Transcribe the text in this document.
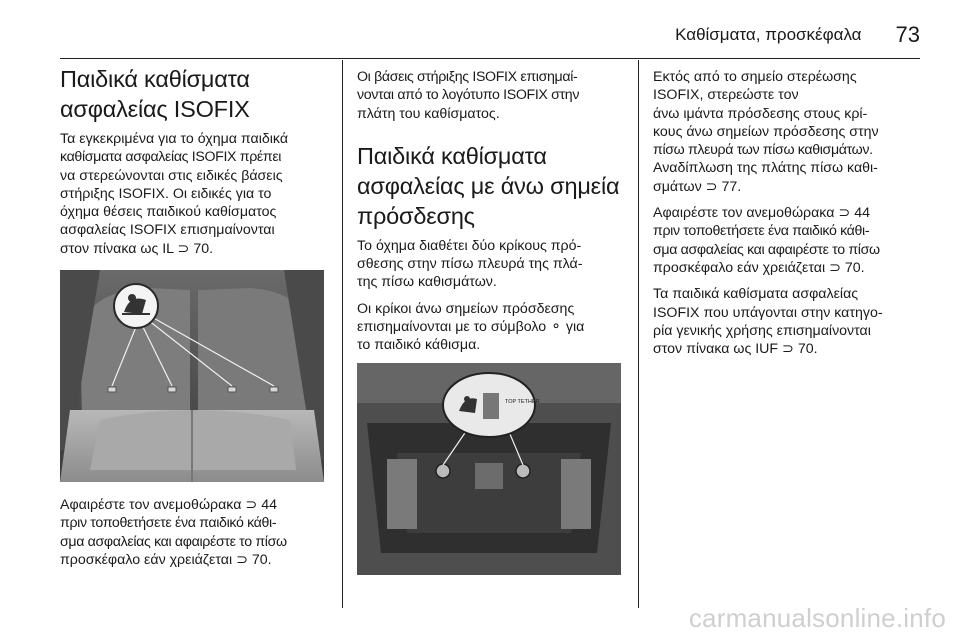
Καθίσματα, προσκέφαλα 73
Παιδικά καθίσματα
ασφαλείας ISOFIX

Τα εγκεκριμένα για το όχημα παιδικά
καθίσματα ασφαλείας ISOFIX πρέπει
να στερεώνονται στις ειδικές βάσεις
στήριξης ISOFIX. Οι ειδικές για το
όχημα θέσεις παιδικού καθίσματος
ασφαλείας ISOFIX επισημαίνονται
στον πίνακα ως IL ⊃ 70.

Αφαιρέστε τον ανεμοθώρακα ⊃ 44
πριν τοποθετήσετε ένα παιδικό κάθι-
σμα ασφαλείας και αφαιρέστε το πίσω
προσκέφαλο εάν χρειάζεται ⊃ 70.

Οι βάσεις στήριξης ISOFIX επισημαί-
νονται από το λογότυπο ISOFIX στην
πλάτη του καθίσματος.

Παιδικά καθίσματα
ασφαλείας με άνω σημεία
πρόσδεσης

Το όχημα διαθέτει δύο κρίκους πρό-
σθεσης στην πίσω πλευρά της πλά-
της πίσω καθισμάτων.

Οι κρίκοι άνω σημείων πρόσδεσης
επισημαίνονται με το σύμβολο ⚬ για
το παιδικό κάθισμα.

TOP TETHER

Εκτός από το σημείο στερέωσης
ISOFIX, στερεώστε τον
άνω ιμάντα πρόσδεσης στους κρί-
κους άνω σημείων πρόσδεσης στην
πίσω πλευρά των πίσω καθισμάτων.
Αναδίπλωση της πλάτης πίσω καθι-
σμάτων ⊃ 77.

Αφαιρέστε τον ανεμοθώρακα ⊃ 44
πριν τοποθετήσετε ένα παιδικό κάθι-
σμα ασφαλείας και αφαιρέστε το πίσω
προσκέφαλο εάν χρειάζεται ⊃ 70.

Τα παιδικά καθίσματα ασφαλείας
ISOFIX που υπάγονται στην κατηγο-
ρία γενικής χρήσης επισημαίνονται
στον πίνακα ως IUF ⊃ 70.

carmanualsonline.info
